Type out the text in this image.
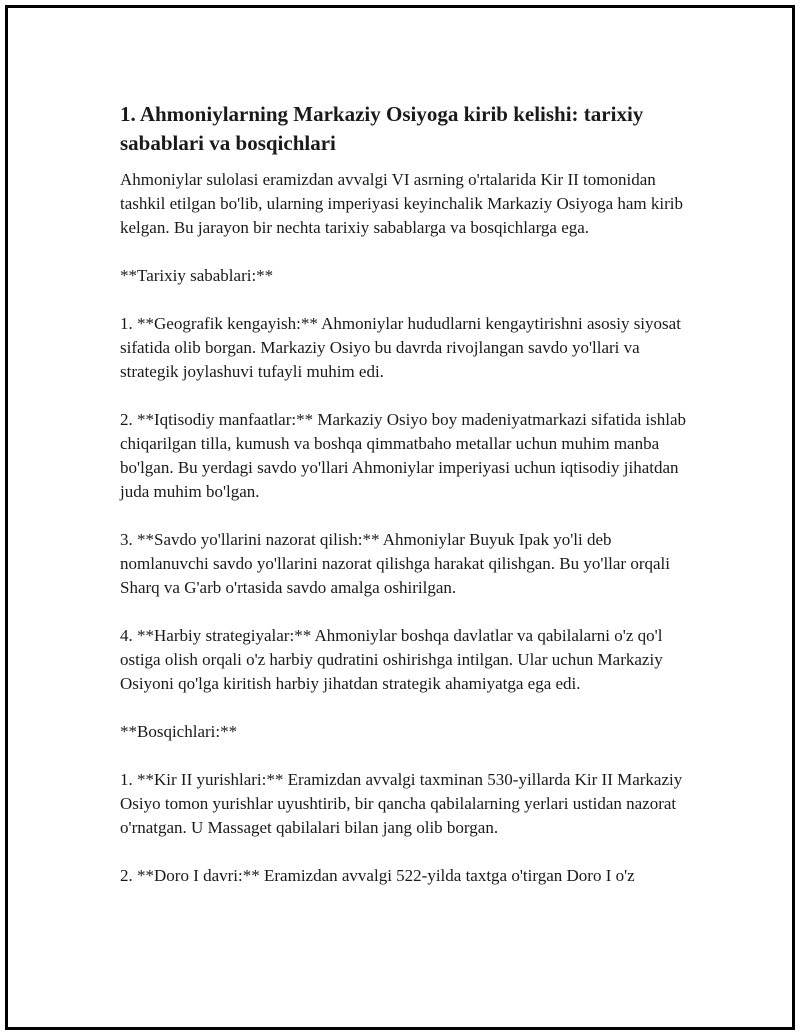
1. Ahmoniylarning Markaziy Osiyoga kirib kelishi: tarixiy sabablari va bosqichlari

Ahmoniylar sulolasi eramizdan avvalgi VI asrning o'rtalarida Kir II tomonidan tashkil etilgan bo'lib, ularning imperiyasi keyinchalik Markaziy Osiyoga ham kirib kelgan. Bu jarayon bir nechta tarixiy sabablarga va bosqichlarga ega.

**Tarixiy sabablari:**

1. **Geografik kengayish:** Ahmoniylar hududlarni kengaytirishni asosiy siyosat sifatida olib borgan. Markaziy Osiyo bu davrda rivojlangan savdo yo'llari va strategik joylashuvi tufayli muhim edi.

2. **Iqtisodiy manfaatlar:** Markaziy Osiyo boy madeniyatmarkazi sifatida ishlab chiqarilgan tilla, kumush va boshqa qimmatbaho metallar uchun muhim manba bo'lgan. Bu yerdagi savdo yo'llari Ahmoniylar imperiyasi uchun iqtisodiy jihatdan juda muhim bo'lgan.

3. **Savdo yo'llarini nazorat qilish:** Ahmoniylar Buyuk Ipak yo'li deb nomlanuvchi savdo yo'llarini nazorat qilishga harakat qilishgan. Bu yo'llar orqali Sharq va G'arb o'rtasida savdo amalga oshirilgan.

4. **Harbiy strategiyalar:** Ahmoniylar boshqa davlatlar va qabilalarni o'z qo'l ostiga olish orqali o'z harbiy qudratini oshirishga intilgan. Ular uchun Markaziy Osiyoni qo'lga kiritish harbiy jihatdan strategik ahamiyatga ega edi.

**Bosqichlari:**

1. **Kir II yurishlari:** Eramizdan avvalgi taxminan 530-yillarda Kir II Markaziy Osiyo tomon yurishlar uyushtirib, bir qancha qabilalarning yerlari ustidan nazorat o'rnatgan. U Massaget qabilalari bilan jang olib borgan.

2. **Doro I davri:** Eramizdan avvalgi 522-yilda taxtga o'tirgan Doro I o'z
